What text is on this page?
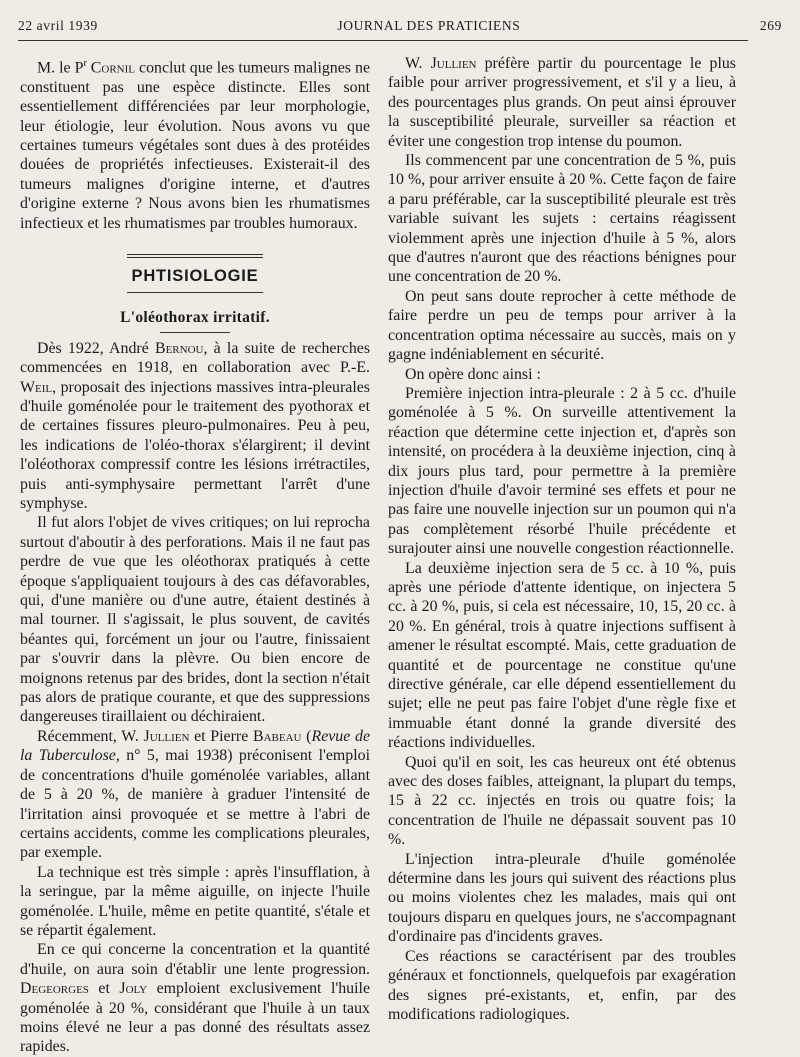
22 avril 1939	JOURNAL DES PRATICIENS	269

M. le $P^r$ Cornil conclut que les tumeurs malignes ne constituent pas une espèce distincte. Elles sont essentiellement différenciées par leur morphologie, leur étiologie, leur évolution. Nous avons vu que certaines tumeurs végétales sont dues à des protéides douées de propriétés infectieuses. Existerait-il des tumeurs malignes d'origine interne, et d'autres d'origine externe ? Nous avons bien les rhumatismes infectieux et les rhumatismes par troubles humoraux.

PHTISIOLOGIE
L'oléothorax irritatif.

Dès 1922, André Bernou, à la suite de recherches commencées en 1918, en collaboration avec P.-E. Weil, proposait des injections massives intra-pleurales d'huile goménolée pour le traitement des pyothorax et de certaines fissures pleuro-pulmonaires. Peu à peu, les indications de l'oléo-thorax s'élargirent; il devint l'oléothorax compressif contre les lésions irrétractiles, puis anti-symphysaire permettant l'arrêt d'une symphyse.

Il fut alors l'objet de vives critiques; on lui reprocha surtout d'aboutir à des perforations. Mais il ne faut pas perdre de vue que les oléothorax pratiqués à cette époque s'appliquaient toujours à des cas défavorables, qui, d'une manière ou d'une autre, étaient destinés à mal tourner. Il s'agissait, le plus souvent, de cavités béantes qui, forcément un jour ou l'autre, finissaient par s'ouvrir dans la plèvre. Ou bien encore de moignons retenus par des brides, dont la section n'était pas alors de pratique courante, et que des suppressions dangereuses tiraillaient ou déchiraient.

Récemment, W. Jullien et Pierre Babeau (Revue de la Tuberculose, n° 5, mai 1938) préconisent l'emploi de concentrations d'huile goménolée variables, allant de 5 à 20 %, de manière à graduer l'intensité de l'irritation ainsi provoquée et se mettre à l'abri de certains accidents, comme les complications pleurales, par exemple.

La technique est très simple : après l'insufflation, à la seringue, par la même aiguille, on injecte l'huile goménolée. L'huile, même en petite quantité, s'étale et se répartit également.

En ce qui concerne la concentration et la quantité d'huile, on aura soin d'établir une lente progression. Degeorges et Joly emploient exclusivement l'huile goménolée à 20 %, considérant que l'huile à un taux moins élevé ne leur a pas donné des résultats assez rapides.

W. Jullien préfère partir du pourcentage le plus faible pour arriver progressivement, et s'il y a lieu, à des pourcentages plus grands. On peut ainsi éprouver la susceptibilité pleurale, surveiller sa réaction et éviter une congestion trop intense du poumon.

Ils commencent par une concentration de 5 %, puis 10 %, pour arriver ensuite à 20 %. Cette façon de faire a paru préférable, car la susceptibilité pleurale est très variable suivant les sujets : certains réagissent violemment après une injection d'huile à 5 %, alors que d'autres n'auront que des réactions bénignes pour une concentration de 20 %.

On peut sans doute reprocher à cette méthode de faire perdre un peu de temps pour arriver à la concentration optima nécessaire au succès, mais on y gagne indéniablement en sécurité.

On opère donc ainsi :

Première injection intra-pleurale : 2 à 5 cc. d'huile goménolée à 5 %. On surveille attentivement la réaction que détermine cette injection et, d'après son intensité, on procédera à la deuxième injection, cinq à dix jours plus tard, pour permettre à la première injection d'huile d'avoir terminé ses effets et pour ne pas faire une nouvelle injection sur un poumon qui n'a pas complètement résorbé l'huile précédente et surajouter ainsi une nouvelle congestion réactionnelle.

La deuxième injection sera de 5 cc. à 10 %, puis après une période d'attente identique, on injectera 5 cc. à 20 %, puis, si cela est nécessaire, 10, 15, 20 cc. à 20 %. En général, trois à quatre injections suffisent à amener le résultat escompté. Mais, cette graduation de quantité et de pourcentage ne constitue qu'une directive générale, car elle dépend essentiellement du sujet; elle ne peut pas faire l'objet d'une règle fixe et immuable étant donné la grande diversité des réactions individuelles.

Quoi qu'il en soit, les cas heureux ont été obtenus avec des doses faibles, atteignant, la plupart du temps, 15 à 22 cc. injectés en trois ou quatre fois; la concentration de l'huile ne dépassait souvent pas 10 %.

L'injection intra-pleurale d'huile goménolée détermine dans les jours qui suivent des réactions plus ou moins violentes chez les malades, mais qui ont toujours disparu en quelques jours, ne s'accompagnant d'ordinaire pas d'incidents graves.

Ces réactions se caractérisent par des troubles généraux et fonctionnels, quelquefois par exagération des signes pré-existants, et, enfin, par des modifications radiologiques.
